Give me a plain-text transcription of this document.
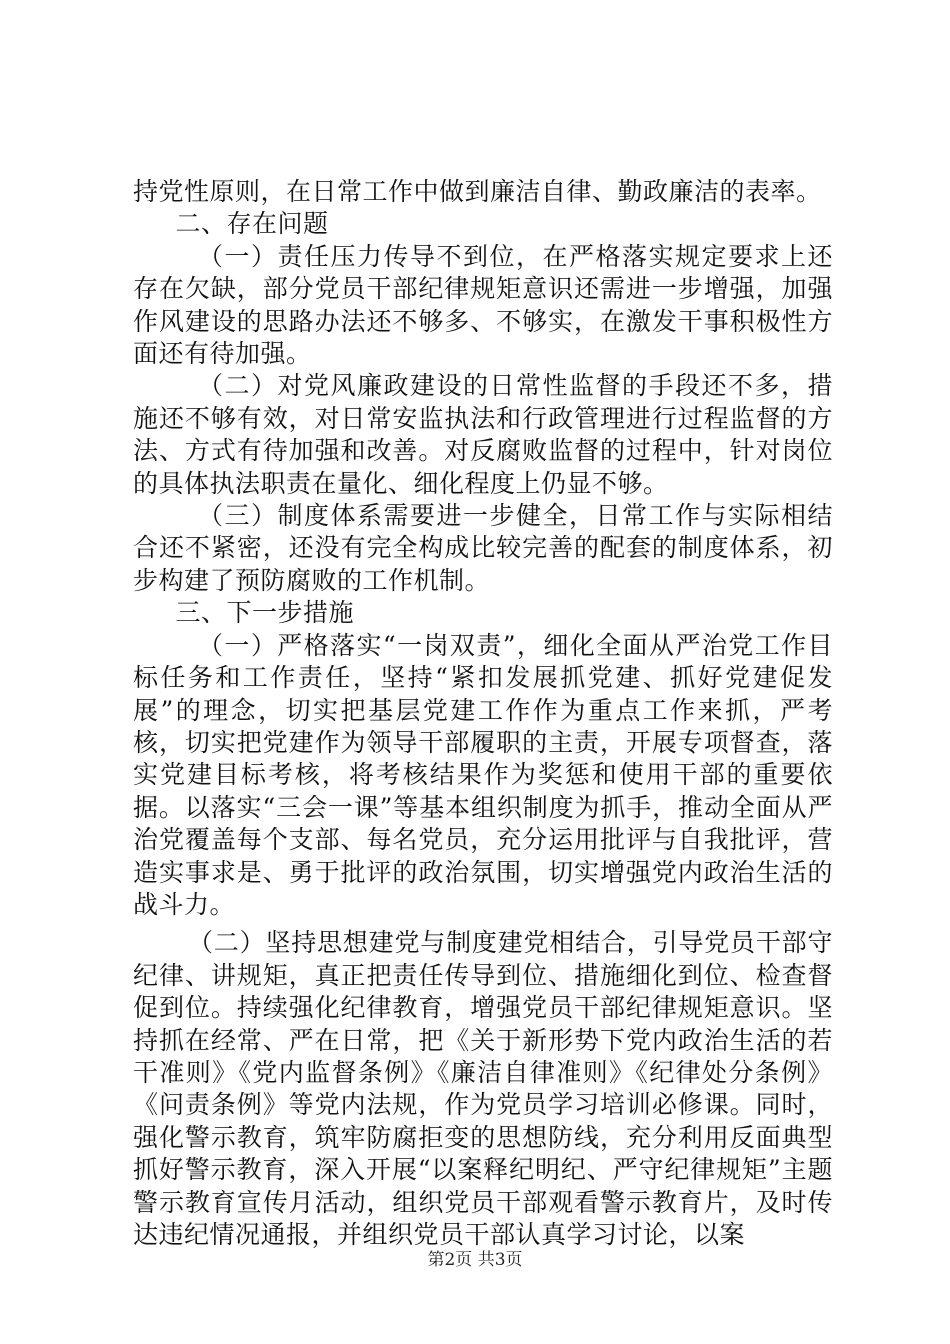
持党性原则，在日常工作中做到廉洁自律、勤政廉洁的表率。

二、存在问题

（一）责任压力传导不到位，在严格落实规定要求上还存在欠缺，部分党员干部纪律规矩意识还需进一步增强，加强作风建设的思路办法还不够多、不够实，在激发干事积极性方面还有待加强。

（二）对党风廉政建设的日常性监督的手段还不多，措施还不够有效，对日常安监执法和行政管理进行过程监督的方法、方式有待加强和改善。对反腐败监督的过程中，针对岗位的具体执法职责在量化、细化程度上仍显不够。

（三）制度体系需要进一步健全，日常工作与实际相结合还不紧密，还没有完全构成比较完善的配套的制度体系，初步构建了预防腐败的工作机制。

三、下一步措施

（一）严格落实“一岗双责”，细化全面从严治党工作目标任务和工作责任，坚持“紧扣发展抓党建、抓好党建促发展”的理念，切实把基层党建工作作为重点工作来抓，严考核，切实把党建作为领导干部履职的主责，开展专项督查，落实党建目标考核，将考核结果作为奖惩和使用干部的重要依据。以落实“三会一课”等基本组织制度为抓手，推动全面从严治党覆盖每个支部、每名党员，充分运用批评与自我批评，营造实事求是、勇于批评的政治氛围，切实增强党内政治生活的战斗力。

（二）坚持思想建党与制度建党相结合，引导党员干部守纪律、讲规矩，真正把责任传导到位、措施细化到位、检查督促到位。持续强化纪律教育，增强党员干部纪律规矩意识。坚持抓在经常、严在日常，把《关于新形势下党内政治生活的若干准则》《党内监督条例》《廉洁自律准则》《纪律处分条例》《问责条例》等党内法规，作为党员学习培训必修课。同时，强化警示教育，筑牢防腐拒变的思想防线，充分利用反面典型抓好警示教育，深入开展“以案释纪明纪、严守纪律规矩”主题警示教育宣传月活动，组织党员干部观看警示教育片，及时传达违纪情况通报，并组织党员干部认真学习讨论，以案

第2页 共3页
